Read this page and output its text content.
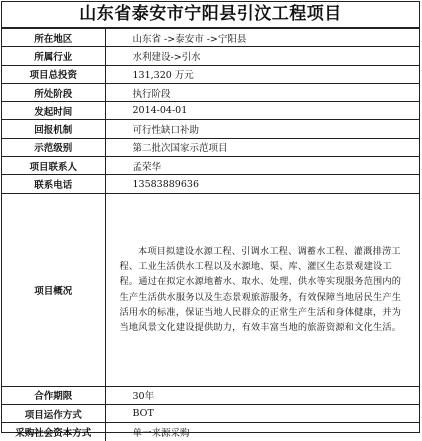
山东省泰安市宁阳县引汶工程项目
所在地区	山东省 ->泰安市 ->宁阳县
所属行业	水利建设->引水
项目总投资	131,320 万元
所处阶段	执行阶段
发起时间	2014-04-01
回报机制	可行性缺口补助
示范级别	第二批次国家示范项目
项目联系人	孟荣华
联系电话	13583889636
项目概况	本项目拟建设水源工程、引调水工程、调蓄水工程、灌溉排涝工程、工业生活供水工程以及水源地、渠、库、灌区生态景观建设工程。通过在拟定水源地蓄水、取水、处理、供水等实现服务范围内的生产生活供水服务以及生态景观旅游服务，有效保障当地居民生产生活用水的标准，保证当地人民群众的正常生产生活和身体健康，并为当地风景文化建设提供助力，有效丰富当地的旅游资源和文化生活。
合作期限	30年
项目运作方式	BOT
采购社会资本方式	单一来源采购
